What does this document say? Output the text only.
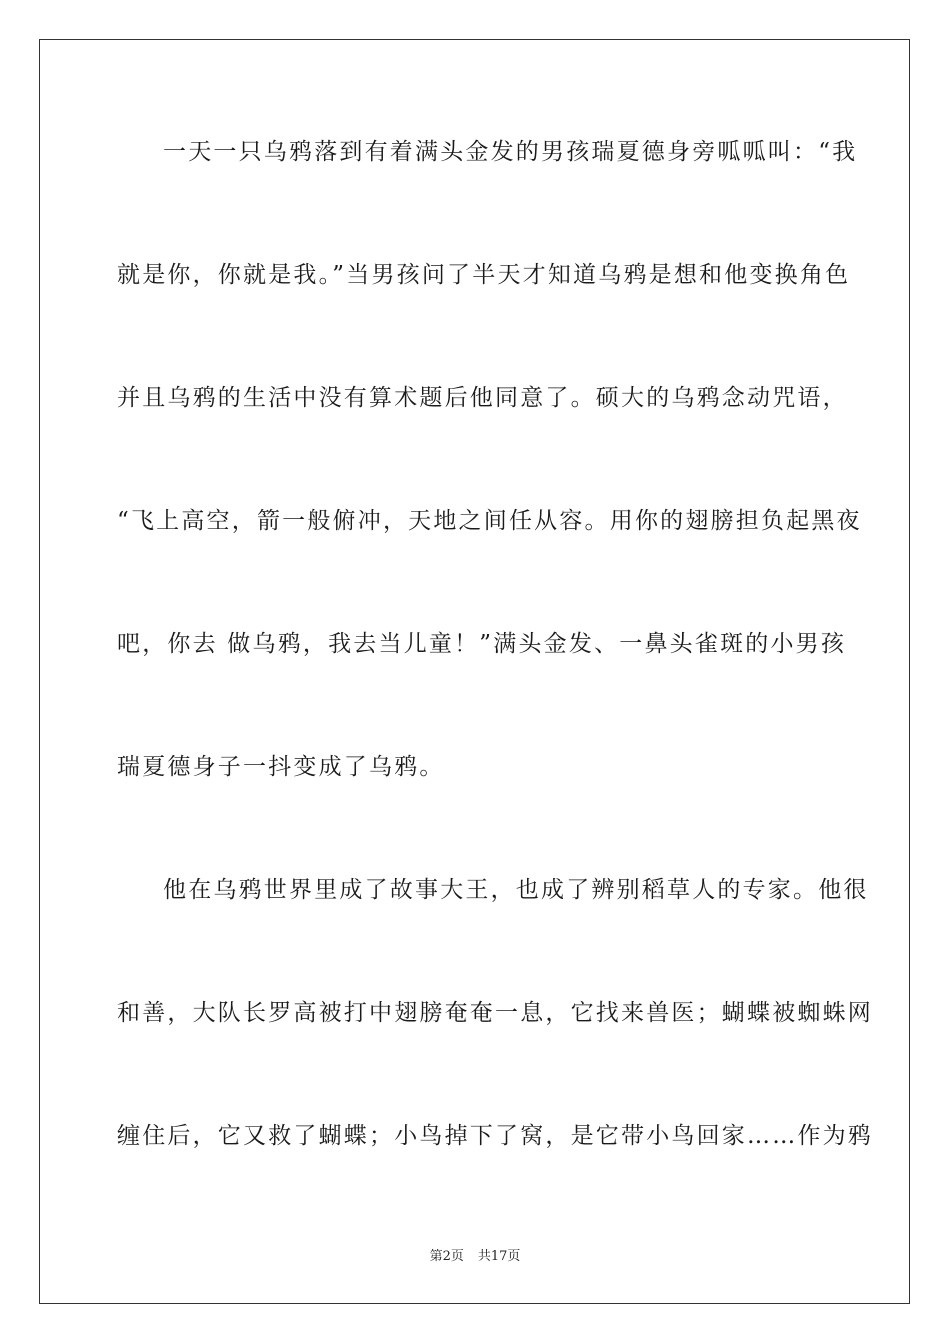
一天一只乌鸦落到有着满头金发的男孩瑞夏德身旁呱呱叫：“我
就是你，你就是我。”当男孩问了半天才知道乌鸦是想和他变换角色
并且乌鸦的生活中没有算术题后他同意了。硕大的乌鸦念动咒语，
“飞上高空，箭一般俯冲，天地之间任从容。用你的翅膀担负起黑夜
吧，你去 做乌鸦，我去当儿童！”满头金发、一鼻头雀斑的小男孩
瑞夏德身子一抖变成了乌鸦。
他在乌鸦世界里成了故事大王，也成了辨别稻草人的专家。他很
和善，大队长罗高被打中翅膀奄奄一息，它找来兽医；蝴蝶被蜘蛛网
缠住后，它又救了蝴蝶；小鸟掉下了窝，是它带小鸟回家……作为鸦
第2页 共17页
